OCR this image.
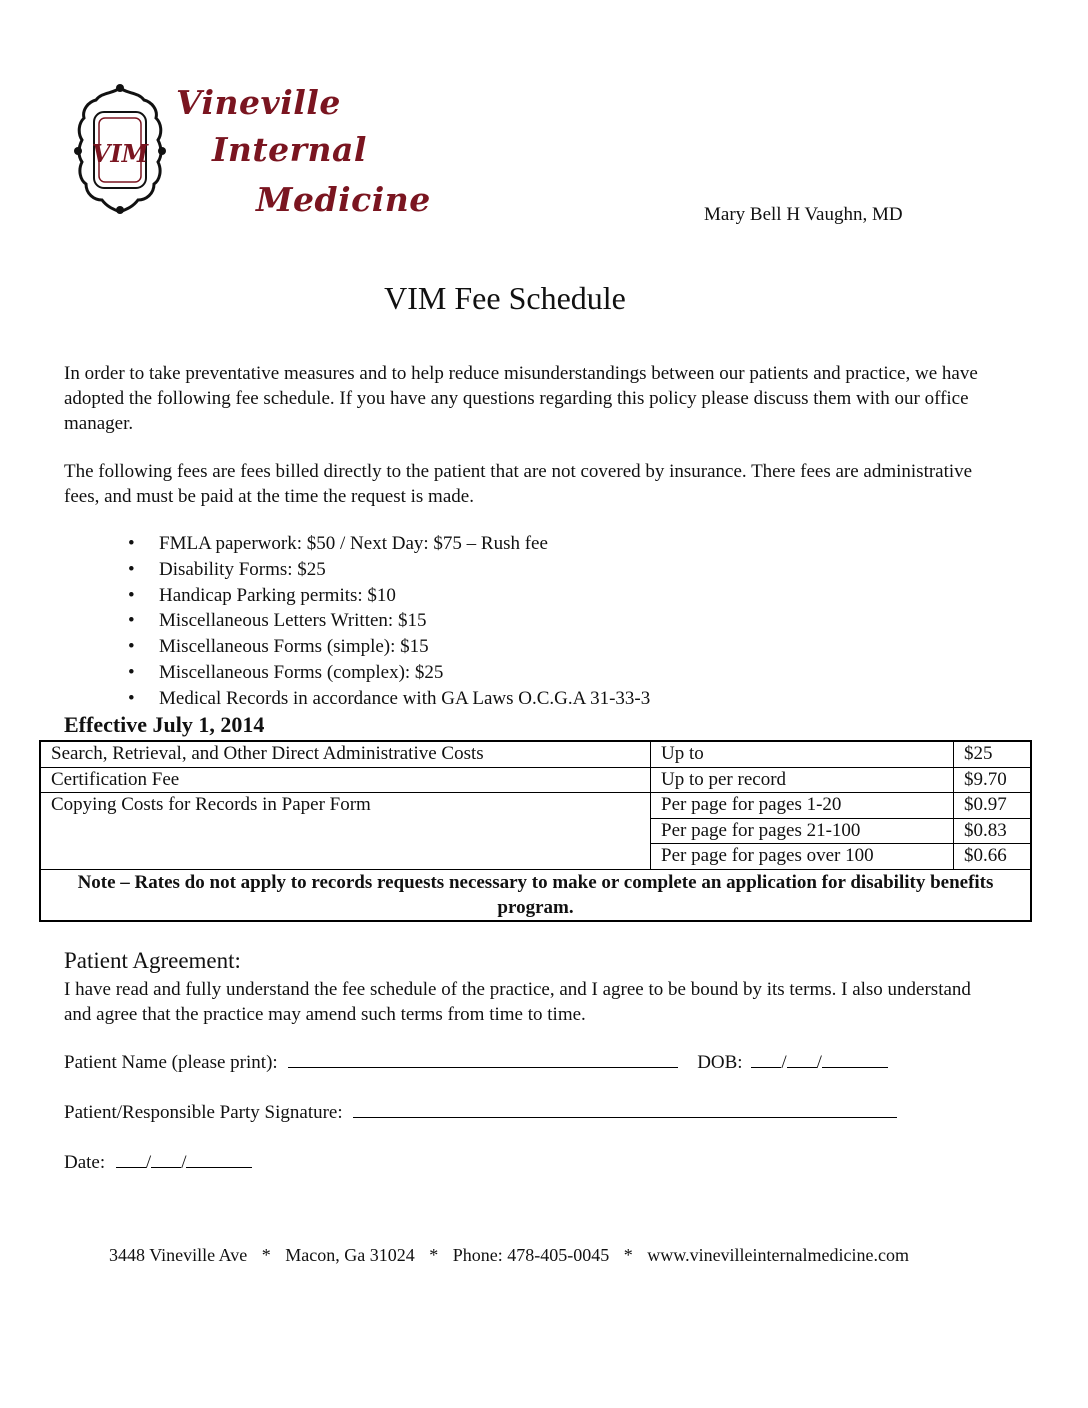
VIM
Vineville
Internal
Medicine	Mary Bell H Vaughn, MD
VIM Fee Schedule
In order to take preventative measures and to help reduce misunderstandings between our patients and practice, we have adopted the following fee schedule. If you have any questions regarding this policy please discuss them with our office manager.
The following fees are fees billed directly to the patient that are not covered by insurance. There fees are administrative fees, and must be paid at the time the request is made.
• FMLA paperwork: $50 / Next Day: $75 – Rush fee
• Disability Forms: $25
• Handicap Parking permits: $10
• Miscellaneous Letters Written: $15
• Miscellaneous Forms (simple): $15
• Miscellaneous Forms (complex): $25
• Medical Records in accordance with GA Laws O.C.G.A 31-33-3
Effective July 1, 2014
Search, Retrieval, and Other Direct Administrative Costs	Up to	$25
Certification Fee	Up to per record	$9.70
Copying Costs for Records in Paper Form	Per page for pages 1-20	$0.97
	Per page for pages 21-100	$0.83
	Per page for pages over 100	$0.66
Note – Rates do not apply to records requests necessary to make or complete an application for disability benefits program.		
Patient Agreement:
I have read and fully understand the fee schedule of the practice, and I agree to be bound by its terms. I also understand and agree that the practice may amend such terms from time to time.
Patient Name (please print):	DOB: / /
Patient/Responsible Party Signature:
Date: / /
3448 Vineville Ave * Macon, Ga 31024 * Phone: 478-405-0045 * www.vinevilleinternalmedicine.com
